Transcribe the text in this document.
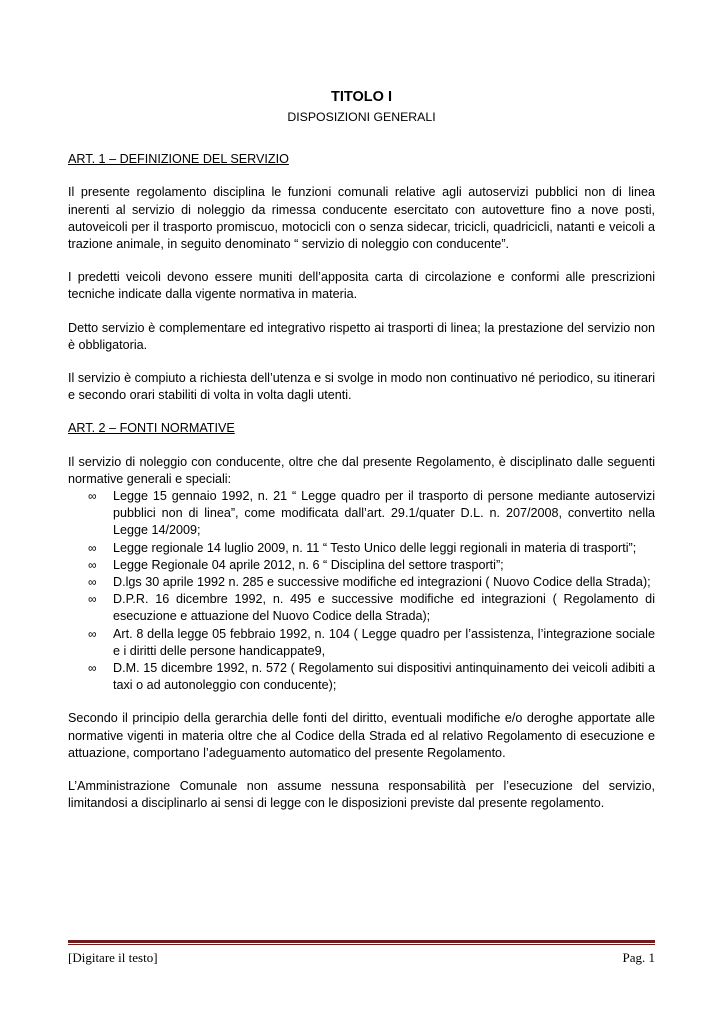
TITOLO I

DISPOSIZIONI GENERALI

ART. 1 – DEFINIZIONE DEL SERVIZIO

Il presente regolamento disciplina le funzioni comunali relative agli autoservizi pubblici non di linea inerenti al servizio di noleggio da rimessa conducente esercitato con autovetture fino a nove posti, autoveicoli per il trasporto promiscuo, motocicli con o senza sidecar, tricicli, quadricicli, natanti e veicoli a trazione animale, in seguito denominato “ servizio di noleggio con conducente”.

I predetti veicoli devono essere muniti dell’apposita carta di circolazione e conformi alle prescrizioni tecniche indicate dalla vigente normativa in materia.

Detto servizio è complementare ed integrativo rispetto ai trasporti di linea; la prestazione del servizio non è obbligatoria.

Il servizio è compiuto a richiesta dell’utenza e si svolge in modo non continuativo né periodico, su itinerari e secondo orari stabiliti di volta in volta dagli utenti.

ART. 2 – FONTI NORMATIVE

Il servizio di noleggio con conducente, oltre che dal presente Regolamento, è disciplinato dalle seguenti normative generali e speciali:

∞ Legge 15 gennaio 1992, n. 21 “ Legge quadro per il trasporto di persone mediante autoservizi pubblici non di linea”, come modificata dall’art. 29.1/quater D.L. n. 207/2008, convertito nella Legge 14/2009;
∞ Legge regionale 14 luglio 2009, n. 11 “ Testo Unico delle leggi regionali in materia di trasporti”;
∞ Legge Regionale 04 aprile 2012, n. 6 “ Disciplina del settore trasporti”;
∞ D.lgs 30 aprile 1992 n. 285 e successive modifiche ed integrazioni ( Nuovo Codice della Strada);
∞ D.P.R. 16 dicembre 1992, n. 495 e successive modifiche ed integrazioni ( Regolamento di esecuzione e attuazione del Nuovo Codice della Strada);
∞ Art. 8 della legge 05 febbraio 1992, n. 104 ( Legge quadro per l’assistenza, l’integrazione sociale e i diritti delle persone handicappate9,
∞ D.M. 15 dicembre 1992, n. 572 ( Regolamento sui dispositivi antinquinamento dei veicoli adibiti a taxi o ad autonoleggio con conducente);

Secondo il principio della gerarchia delle fonti del diritto, eventuali modifiche e/o deroghe apportate alle normative vigenti in materia oltre che al Codice della Strada ed al relativo Regolamento di esecuzione e attuazione, comportano l’adeguamento automatico del presente Regolamento.

L’Amministrazione Comunale non assume nessuna responsabilità per l’esecuzione del servizio, limitandosi a disciplinarlo ai sensi di legge con le disposizioni previste dal presente regolamento.

[Digitare il testo]	Pag. 1
